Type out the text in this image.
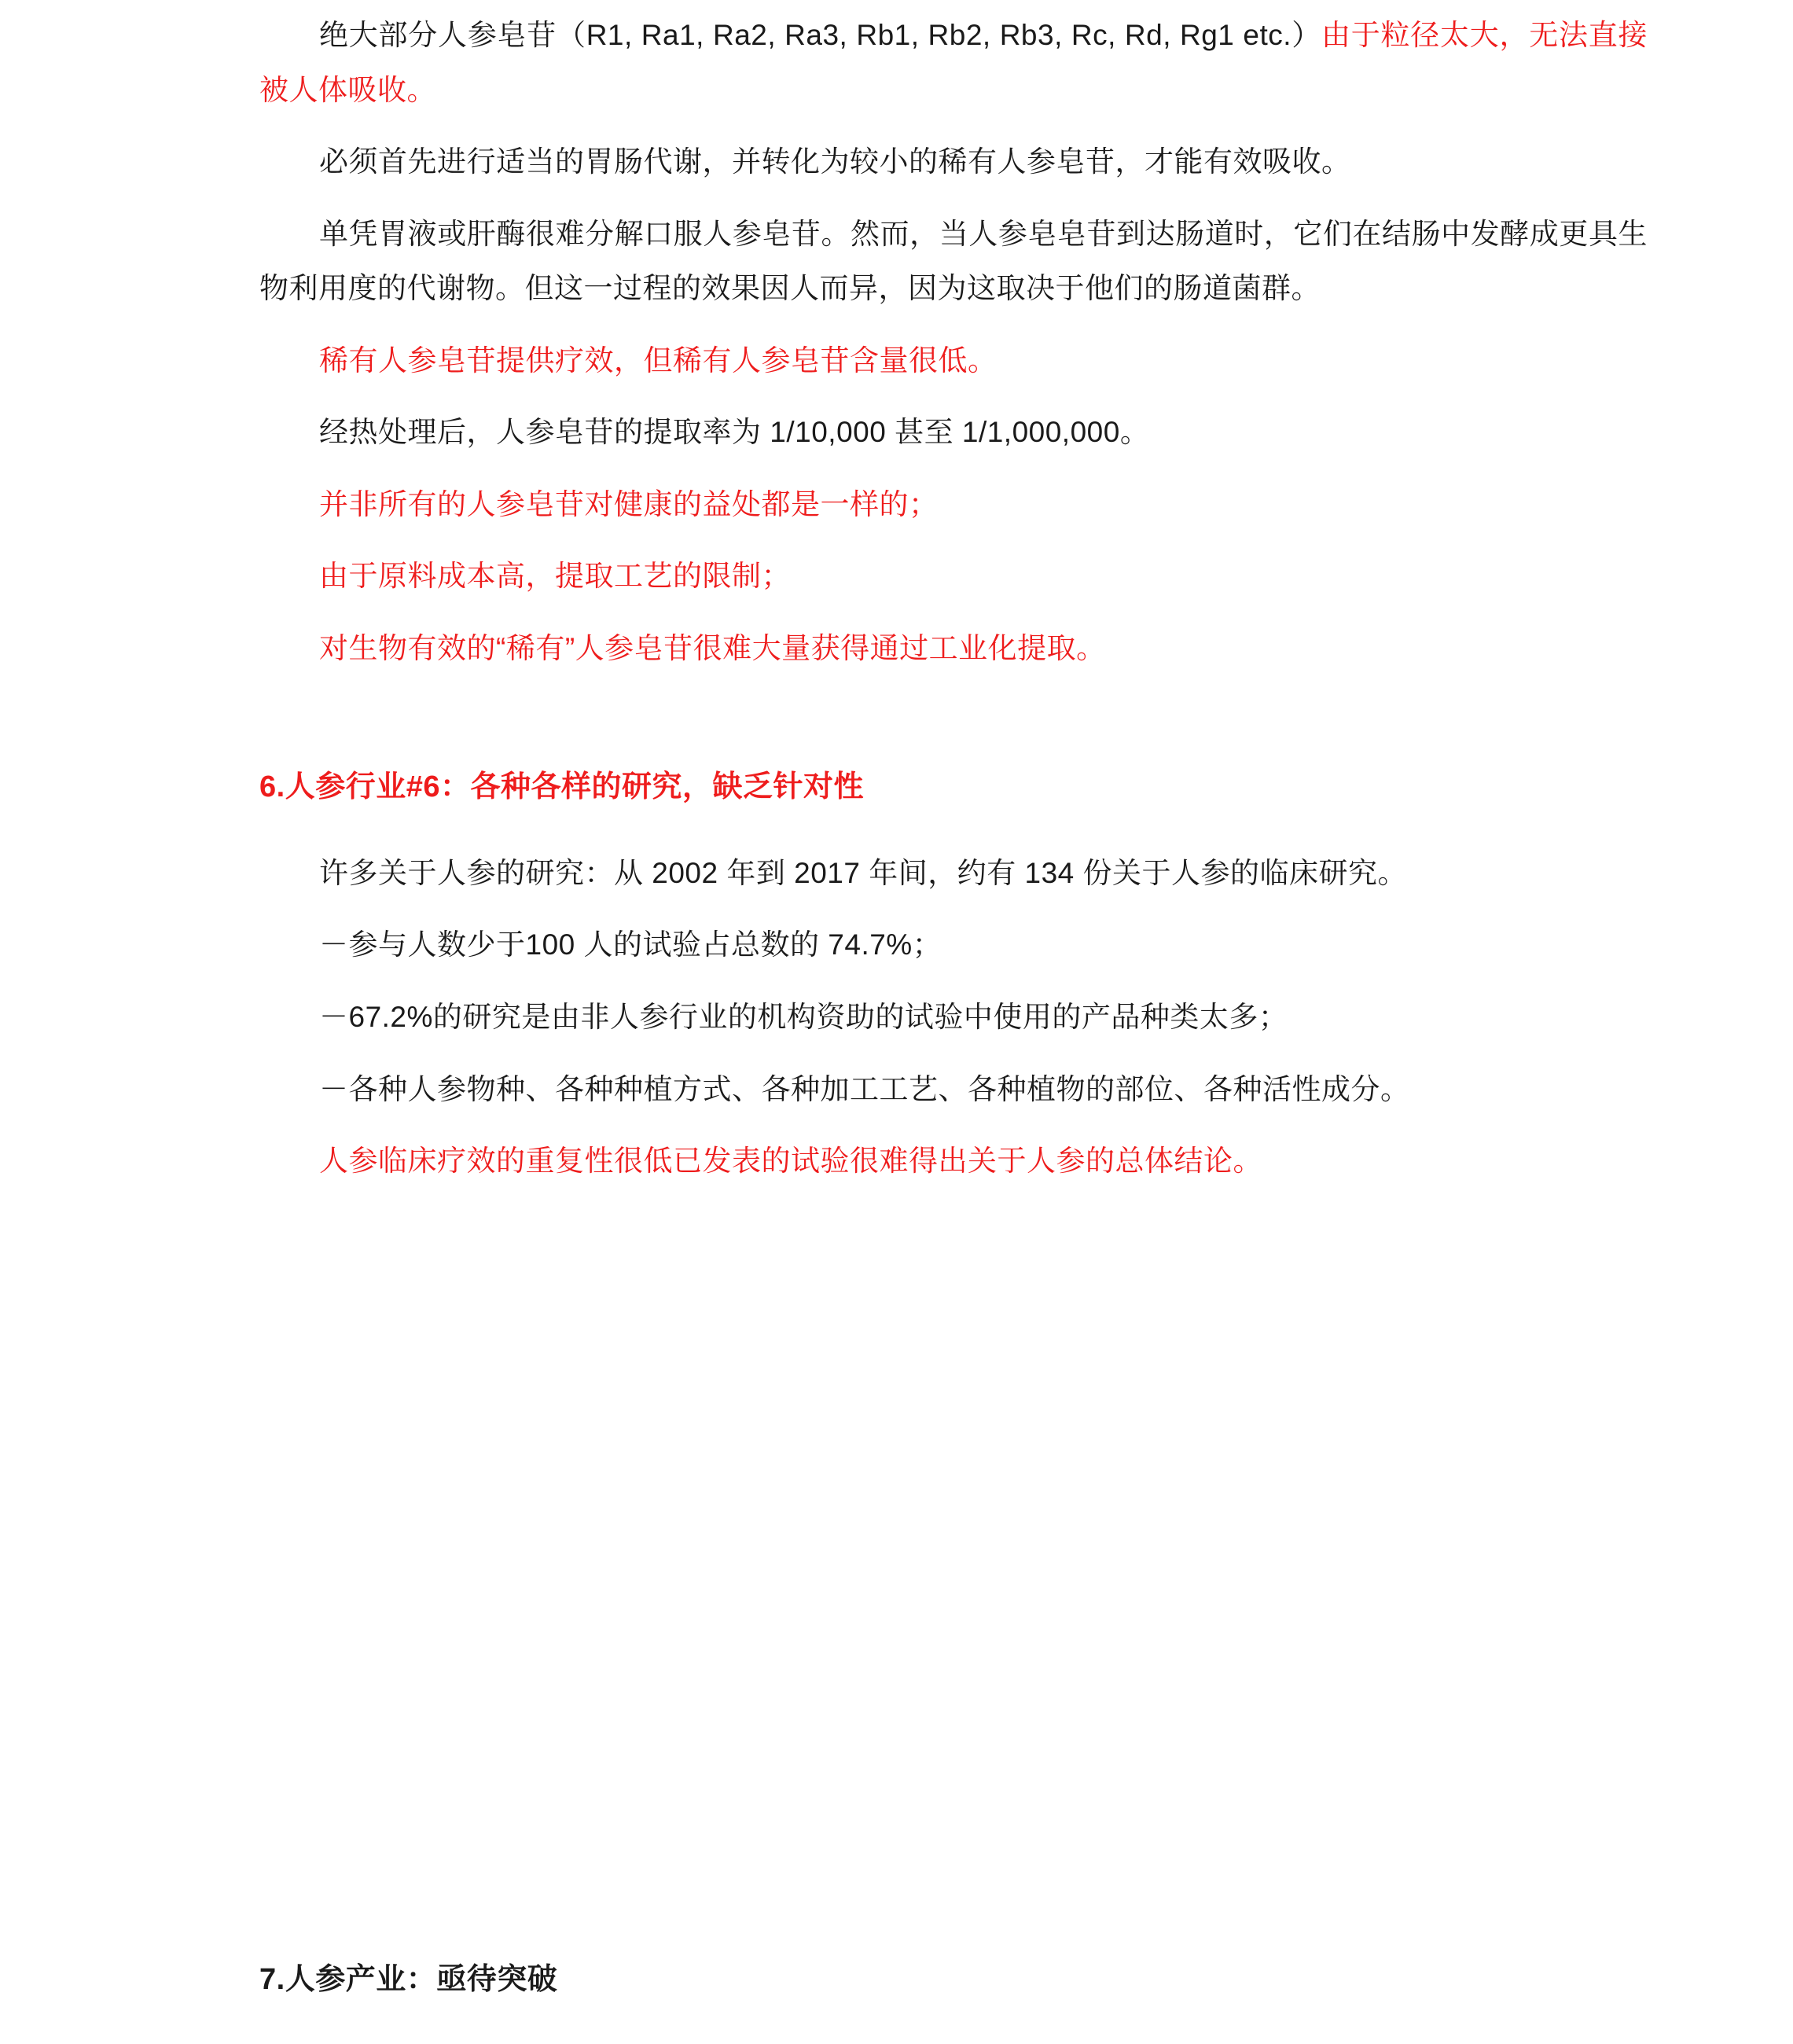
绝大部分人参皂苷（R1, Ra1, Ra2, Ra3, Rb1, Rb2, Rb3, Rc, Rd, Rg1 etc.）由于粒径太大，无法直接被人体吸收。

必须首先进行适当的胃肠代谢，并转化为较小的稀有人参皂苷，才能有效吸收。

单凭胃液或肝酶很难分解口服人参皂苷。然而，当人参皂皂苷到达肠道时，它们在结肠中发酵成更具生物利用度的代谢物。但这一过程的效果因人而异，因为这取决于他们的肠道菌群。

稀有人参皂苷提供疗效，但稀有人参皂苷含量很低。

经热处理后，人参皂苷的提取率为 1/10,000 甚至 1/1,000,000。

并非所有的人参皂苷对健康的益处都是一样的；

由于原料成本高，提取工艺的限制；

对生物有效的“稀有”人参皂苷很难大量获得通过工业化提取。

6.人参行业#6：各种各样的研究，缺乏针对性

许多关于人参的研究：从 2002 年到 2017 年间，约有 134 份关于人参的临床研究。

－参与人数少于100 人的试验占总数的 74.7%；

－67.2%的研究是由非人参行业的机构资助的试验中使用的产品种类太多；

－各种人参物种、各种种植方式、各种加工工艺、各种植物的部位、各种活性成分。

人参临床疗效的重复性很低已发表的试验很难得出关于人参的总体结论。

7.人参产业：亟待突破
